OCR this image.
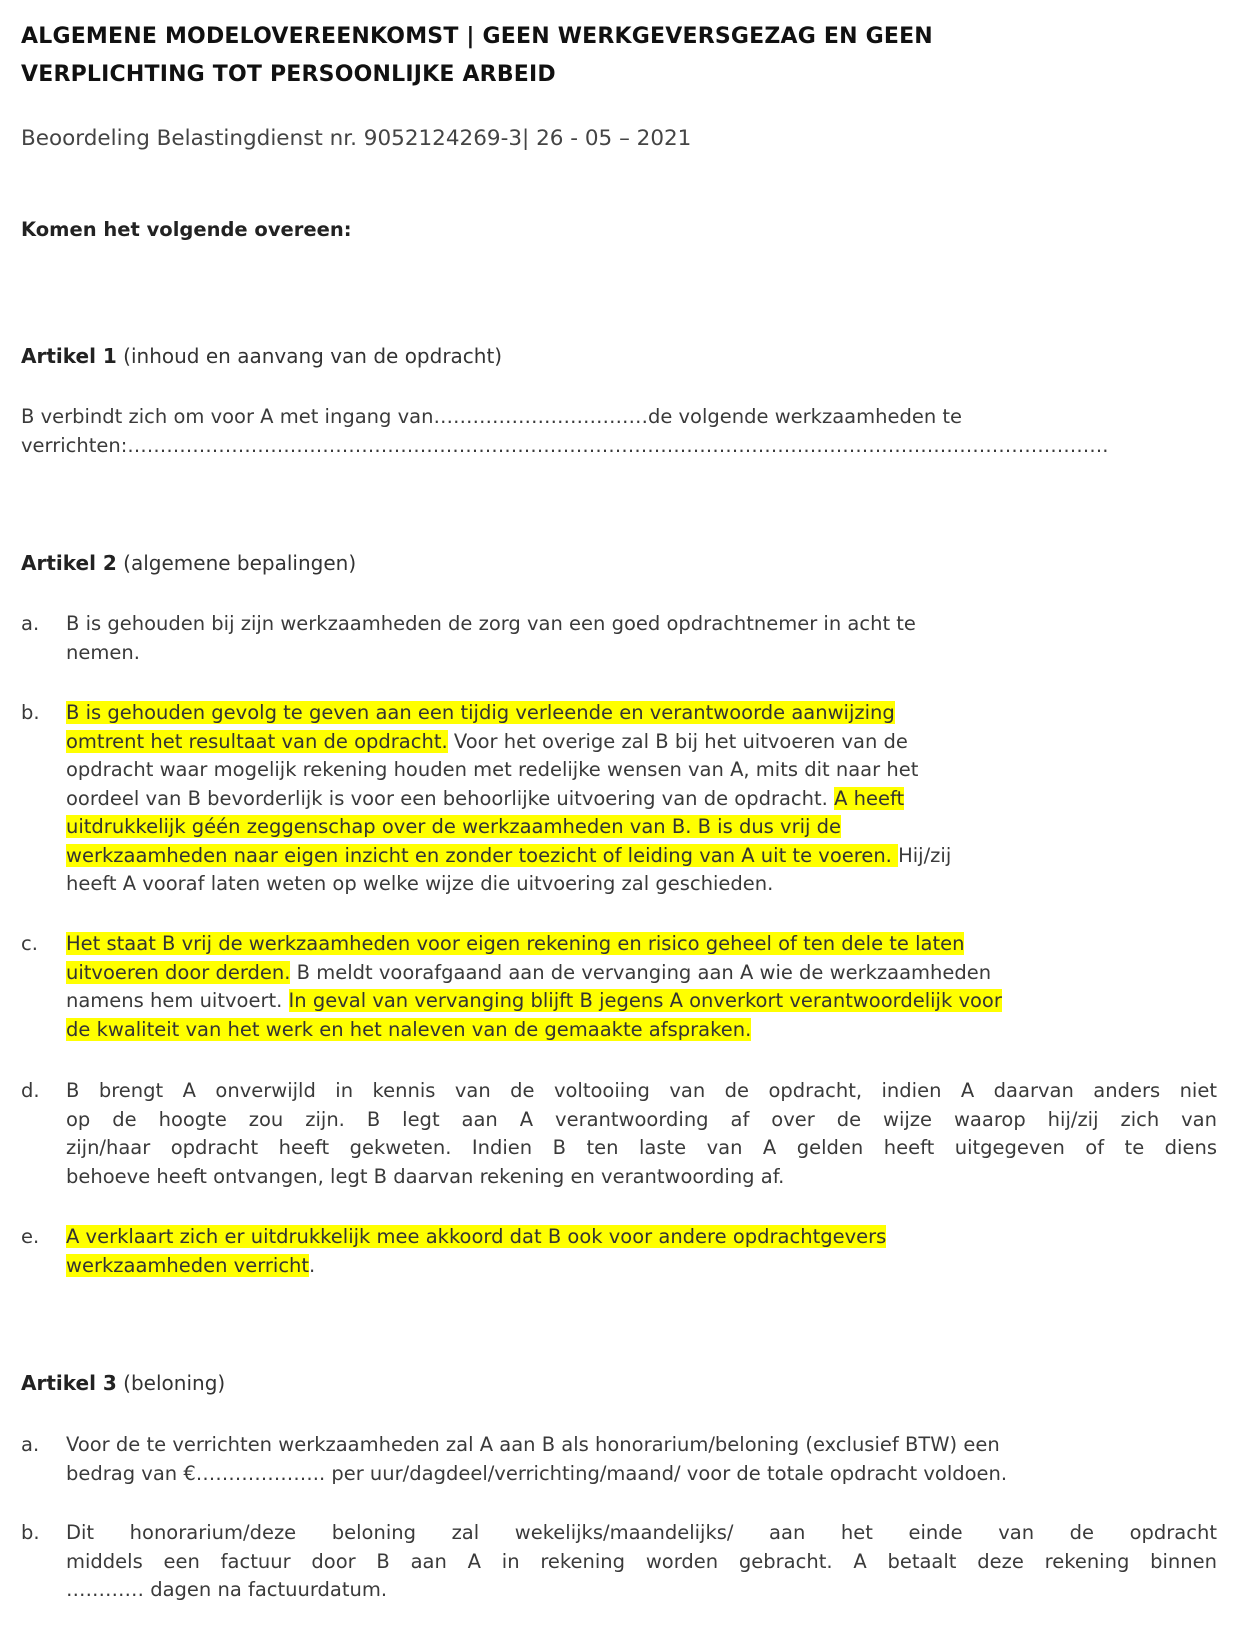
ALGEMENE MODELOVEREENKOMST | GEEN WERKGEVERSGEZAG EN GEEN
VERPLICHTING TOT PERSOONLIJKE ARBEID
Beoordeling Belastingdienst nr. 9052124269-3| 26 - 05 – 2021
Komen het volgende overeen:
Artikel 1 (inhoud en aanvang van de opdracht)
Artikel 2 (algemene bepalingen)
Artikel 3 (beloning)
B verbindt zich om voor A met ingang van……………………………de volgende werkzaamheden te
verrichten:…………………………………………………………………………………………………………………………………….
a. B is gehouden bij zijn werkzaamheden de zorg van een goed opdrachtnemer in acht te
nemen.
b. B is gehouden gevolg te geven aan een tijdig verleende en verantwoorde aanwijzing
omtrent het resultaat van de opdracht. Voor het overige zal B bij het uitvoeren van de
opdracht waar mogelijk rekening houden met redelijke wensen van A, mits dit naar het
oordeel van B bevorderlijk is voor een behoorlijke uitvoering van de opdracht. A heeft
uitdrukkelijk géén zeggenschap over de werkzaamheden van B. B is dus vrij de
werkzaamheden naar eigen inzicht en zonder toezicht of leiding van A uit te voeren. Hij/zij
heeft A vooraf laten weten op welke wijze die uitvoering zal geschieden.
c. Het staat B vrij de werkzaamheden voor eigen rekening en risico geheel of ten dele te laten
uitvoeren door derden. B meldt voorafgaand aan de vervanging aan A wie de werkzaamheden
namens hem uitvoert. In geval van vervanging blijft B jegens A onverkort verantwoordelijk voor
de kwaliteit van het werk en het naleven van de gemaakte afspraken.
d. B brengt A onverwijld in kennis van de voltooiing van de opdracht, indien A daarvan anders niet
op de hoogte zou zijn. B legt aan A verantwoording af over de wijze waarop hij/zij zich van
zijn/haar opdracht heeft gekweten. Indien B ten laste van A gelden heeft uitgegeven of te diens
behoeve heeft ontvangen, legt B daarvan rekening en verantwoording af.
e. A verklaart zich er uitdrukkelijk mee akkoord dat B ook voor andere opdrachtgevers
werkzaamheden verricht.
a. Voor de te verrichten werkzaamheden zal A aan B als honorarium/beloning (exclusief BTW) een
bedrag van €……………….. per uur/dagdeel/verrichting/maand/ voor de totale opdracht voldoen.
b. Dit honorarium/deze beloning zal wekelijks/maandelijks/ aan het einde van de opdracht
middels een factuur door B aan A in rekening worden gebracht. A betaalt deze rekening binnen
………… dagen na factuurdatum.
